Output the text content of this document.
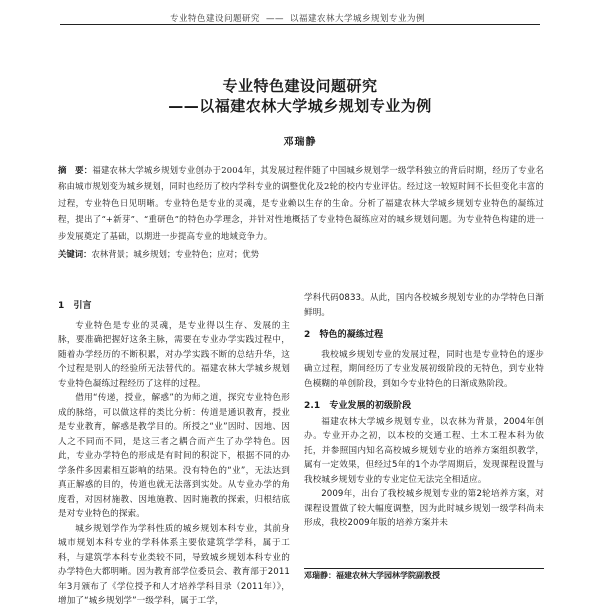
专业特色建设问题研究 —— 以福建农林大学城乡规划专业为例
专业特色建设问题研究
——以福建农林大学城乡规划专业为例
邓瑞静
摘　要：福建农林大学城乡规划专业创办于2004年，其发展过程伴随了中国城乡规划学一级学科独立的背后时期，经历了专业名称由城市规划变为城乡规划，同时也经历了校内学科专业的调整优化及2轮的校内专业评估。经过这一较短时间不长但变化丰富的过程，专业特色日见明晰。专业特色是专业的灵魂，是专业赖以生存的生命。分析了福建农林大学城乡规划专业特色的凝练过程，提出了“+新芽”、“重研色”的特色办学理念，并针对性地概括了专业特色凝练应对的城乡规划问题。为专业特色构建的进一步发展奠定了基础，以期进一步提高专业的地域竞争力。
关键词：农林背景；城乡规划；专业特色；应对；优势
1　引言

专业特色是专业的灵魂，是专业得以生存、发展的主脉，要准确把握好这条主脉，需要在专业办学实践过程中，随着办学经历的不断积累，对办学实践不断的总结升华，这个过程是别人的经验所无法替代的。福建农林大学城乡规划专业特色凝练过程经历了这样的过程。

借用“传递，授业，解惑”的为师之道，探究专业特色形成的脉络，可以做这样的类比分析：传道是通识教育，授业是专业教育，解惑是教学目的。所授之“业”因时、因地、因人之不同而不同，是这三者之耦合而产生了办学特色。因此，专业办学特色的形成是有时间的积淀下，根据不同的办学条件多因素相互影响的结果。没有特色的“业”，无法达到真正解惑的目的，传道也就无法落到实处。从专业办学的角度看，对因材施教、因地施教、因时施教的探索，归根结底是对专业特色的探索。

城乡规划学作为学科性质的城乡规划本科专业，其前身城市规划本科专业的学科体系主要依建筑学学科，属于工科，与建筑学本科专业类较不同，导致城乡规划本科专业的办学特色大都明晰。因为教育部学位委员会、教育部于2011年3月颁布了《学位授予和人才培养学科目录（2011年）》，增加了“城乡规划学”一级学科，属于工学，

学科代码0833。从此，国内各校城乡规划专业的办学特色日渐鲜明。

2　特色的凝练过程

我校城乡规划专业的发展过程，同时也是专业特色的逐步确立过程，期间经历了专业发展初级阶段的无特色，到专业特色模糊的单创阶段，到如今专业特色的日渐成熟阶段。

2.1　专业发展的初级阶段

福建农林大学城乡规划专业，以农林为背景，2004年创办。专业开办之初，以本校的交通工程、土木工程本科为依托，并参照国内知名高校城乡规划专业的培养方案组织教学，属有一定效果，但经过5年的1个办学周期后，发现课程设置与我校城乡规划专业的专业定位无法完全相适应。

2009年，出台了我校城乡规划专业的第2轮培养方案，对课程设置做了较大幅度调整，因为此时城乡规划一级学科尚未形成，我校2009年版的培养方案并未

邓瑞静：福建农林大学园林学院副教授
